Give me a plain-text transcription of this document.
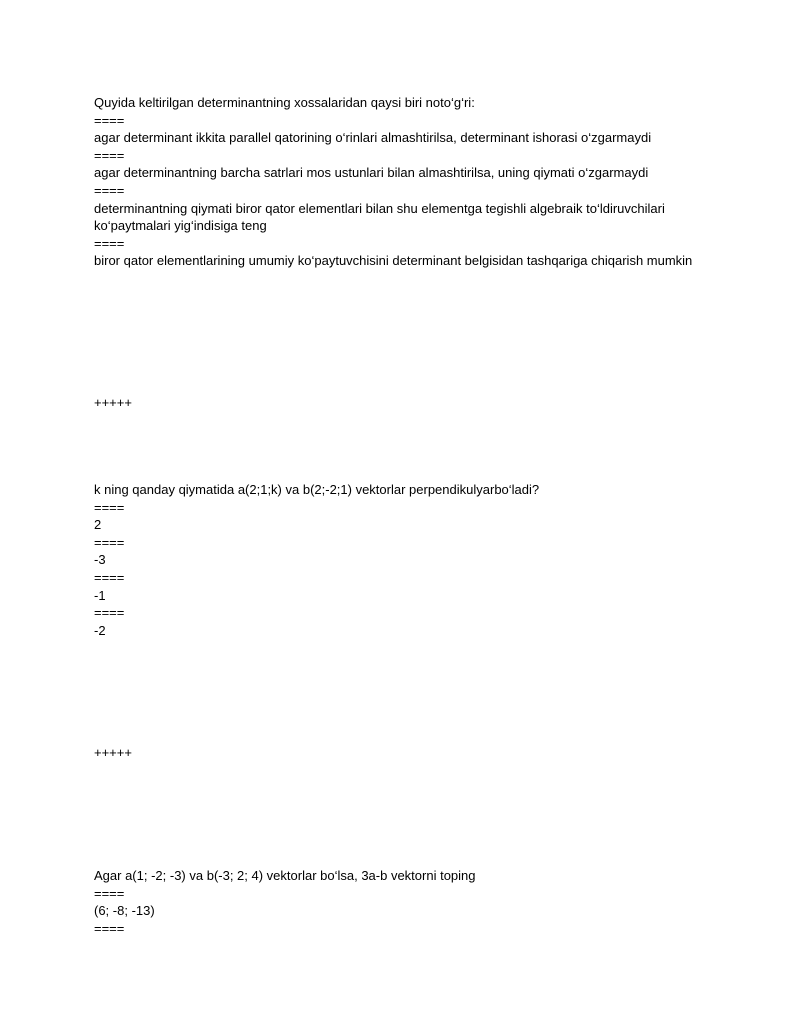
Quyida keltirilgan determinantning xossalaridan qaysi biri noto‘g‘ri:
====
agar determinant ikkita parallel qatorining o‘rinlari almashtirilsa, determinant ishorasi o‘zgarmaydi
====
agar determinantning barcha satrlari mos ustunlari bilan almashtirilsa, uning qiymati o‘zgarmaydi
====
determinantning qiymati biror qator elementlari bilan shu elementga tegishli algebraik to‘ldiruvchilari ko‘paytmalari yig‘indisiga teng
====
biror qator elementlarining umumiy ko‘paytuvchisini determinant belgisidan tashqariga chiqarish mumkin
+++++
k ning qanday qiymatida a(2;1;k) va b(2;-2;1) vektorlar perpendikulyarbo‘ladi?
====
2
====
-3
====
-1
====
-2
+++++
Agar a(1; -2; -3) va b(-3; 2; 4) vektorlar bo‘lsa, 3a-b vektorni toping
====
(6; -8; -13)
====
